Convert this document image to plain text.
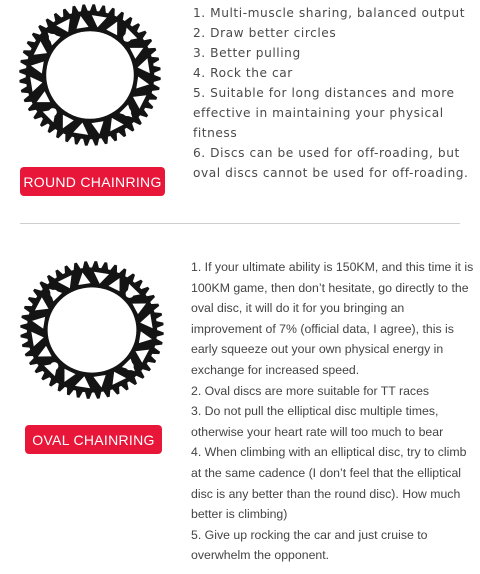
ROUND CHAINRING
1. Multi-muscle sharing, balanced output
2. Draw better circles
3. Better pulling
4. Rock the car
5. Suitable for long distances and more effective in maintaining your physical fitness
6. Discs can be used for off-roading, but oval discs cannot be used for off-roading.
OVAL CHAINRING
1. If your ultimate ability is 150KM, and this time it is 100KM game, then don’t hesitate, go directly to the oval disc, it will do it for you bringing an improvement of 7% (official data, I agree), this is early squeeze out your own physical energy in exchange for increased speed.
2. Oval discs are more suitable for TT races
3. Do not pull the elliptical disc multiple times, otherwise your heart rate will too much to bear
4. When climbing with an elliptical disc, try to climb at the same cadence (I don’t feel that the elliptical disc is any better than the round disc). How much better is climbing)
5. Give up rocking the car and just cruise to overwhelm the opponent.
